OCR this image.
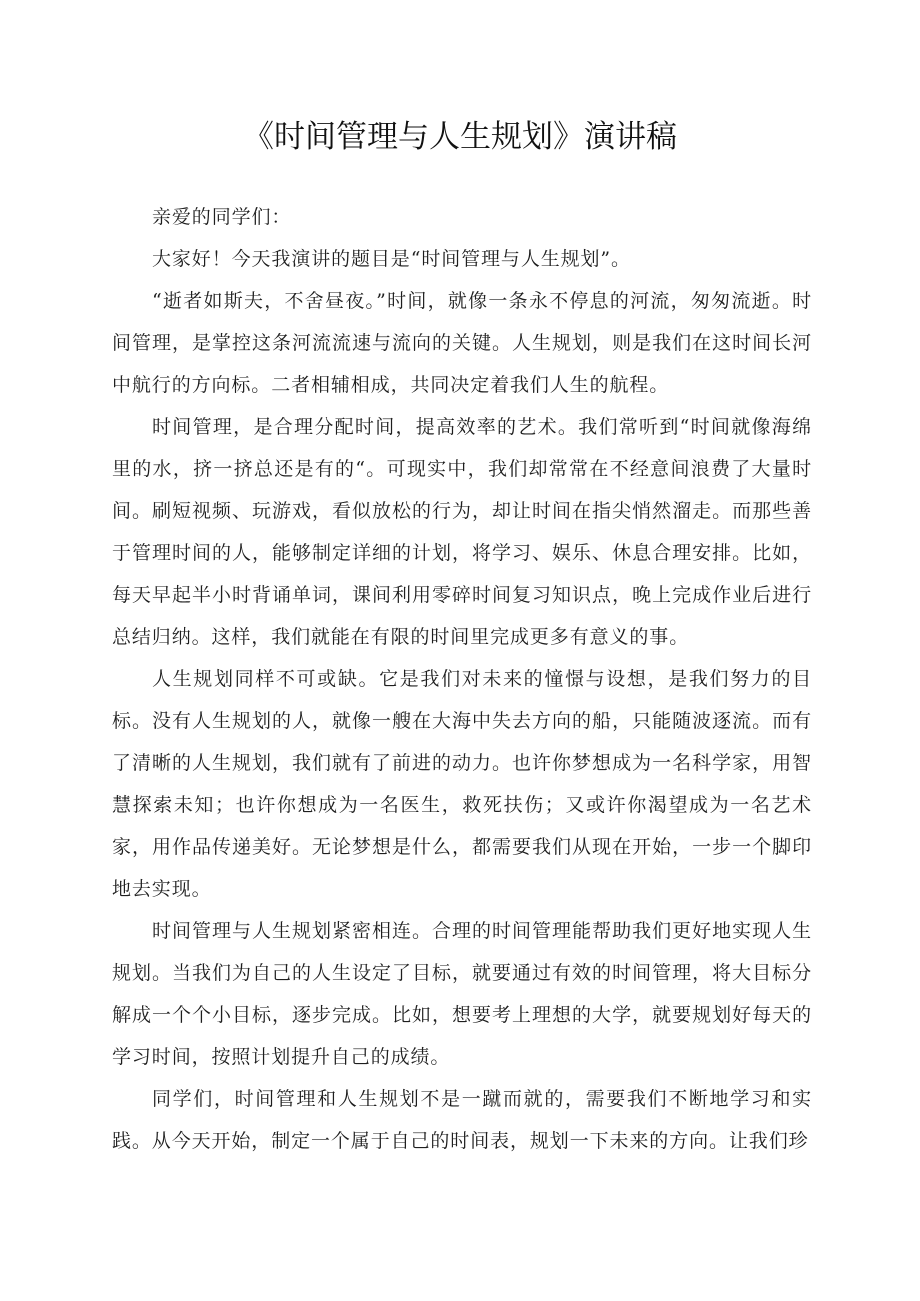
《时间管理与人生规划》演讲稿

亲爱的同学们：

大家好！今天我演讲的题目是“时间管理与人生规划”。

“逝者如斯夫，不舍昼夜。”时间，就像一条永不停息的河流，匆匆流逝。时间管理，是掌控这条河流流速与流向的关键。人生规划，则是我们在这时间长河中航行的方向标。二者相辅相成，共同决定着我们人生的航程。

时间管理，是合理分配时间，提高效率的艺术。我们常听到“时间就像海绵里的水，挤一挤总还是有的“。可现实中，我们却常常在不经意间浪费了大量时间。刷短视频、玩游戏，看似放松的行为，却让时间在指尖悄然溜走。而那些善于管理时间的人，能够制定详细的计划，将学习、娱乐、休息合理安排。比如，每天早起半小时背诵单词，课间利用零碎时间复习知识点，晚上完成作业后进行总结归纳。这样，我们就能在有限的时间里完成更多有意义的事。

人生规划同样不可或缺。它是我们对未来的憧憬与设想，是我们努力的目标。没有人生规划的人，就像一艘在大海中失去方向的船，只能随波逐流。而有了清晰的人生规划，我们就有了前进的动力。也许你梦想成为一名科学家，用智慧探索未知；也许你想成为一名医生，救死扶伤；又或许你渴望成为一名艺术家，用作品传递美好。无论梦想是什么，都需要我们从现在开始，一步一个脚印地去实现。

时间管理与人生规划紧密相连。合理的时间管理能帮助我们更好地实现人生规划。当我们为自己的人生设定了目标，就要通过有效的时间管理，将大目标分解成一个个小目标，逐步完成。比如，想要考上理想的大学，就要规划好每天的学习时间，按照计划提升自己的成绩。

同学们，时间管理和人生规划不是一蹴而就的，需要我们不断地学习和实践。从今天开始，制定一个属于自己的时间表，规划一下未来的方向。让我们珍
